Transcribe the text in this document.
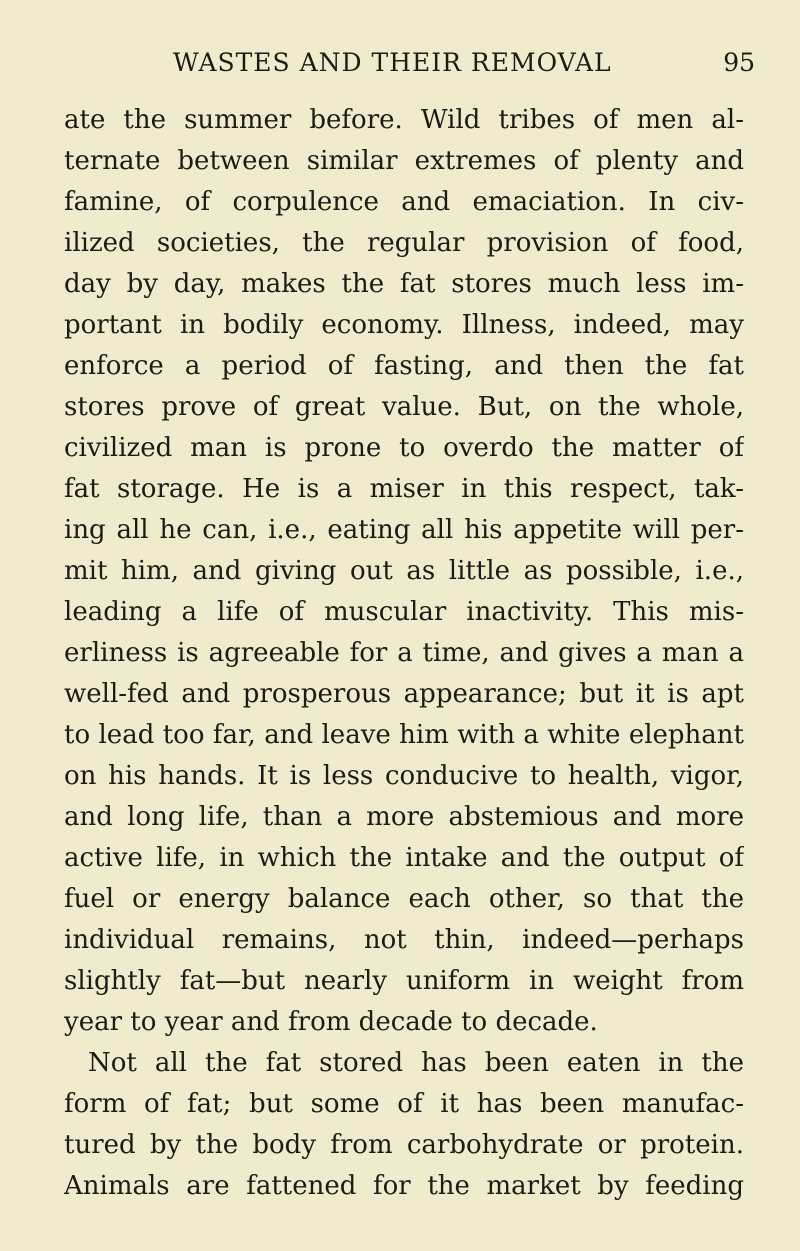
WASTES AND THEIR REMOVAL	95
ate the summer before. Wild tribes of men al-
ternate between similar extremes of plenty and
famine, of corpulence and emaciation. In civ-
ilized societies, the regular provision of food,
day by day, makes the fat stores much less im-
portant in bodily economy. Illness, indeed, may
enforce a period of fasting, and then the fat
stores prove of great value. But, on the whole,
civilized man is prone to overdo the matter of
fat storage. He is a miser in this respect, tak-
ing all he can, i.e., eating all his appetite will per-
mit him, and giving out as little as possible, i.e.,
leading a life of muscular inactivity. This mis-
erliness is agreeable for a time, and gives a man a
well-fed and prosperous appearance; but it is apt
to lead too far, and leave him with a white elephant
on his hands. It is less conducive to health, vigor,
and long life, than a more abstemious and more
active life, in which the intake and the output of
fuel or energy balance each other, so that the
individual remains, not thin, indeed—perhaps
slightly fat—but nearly uniform in weight from
year to year and from decade to decade.
Not all the fat stored has been eaten in the
form of fat; but some of it has been manufac-
tured by the body from carbohydrate or protein.
Animals are fattened for the market by feeding
